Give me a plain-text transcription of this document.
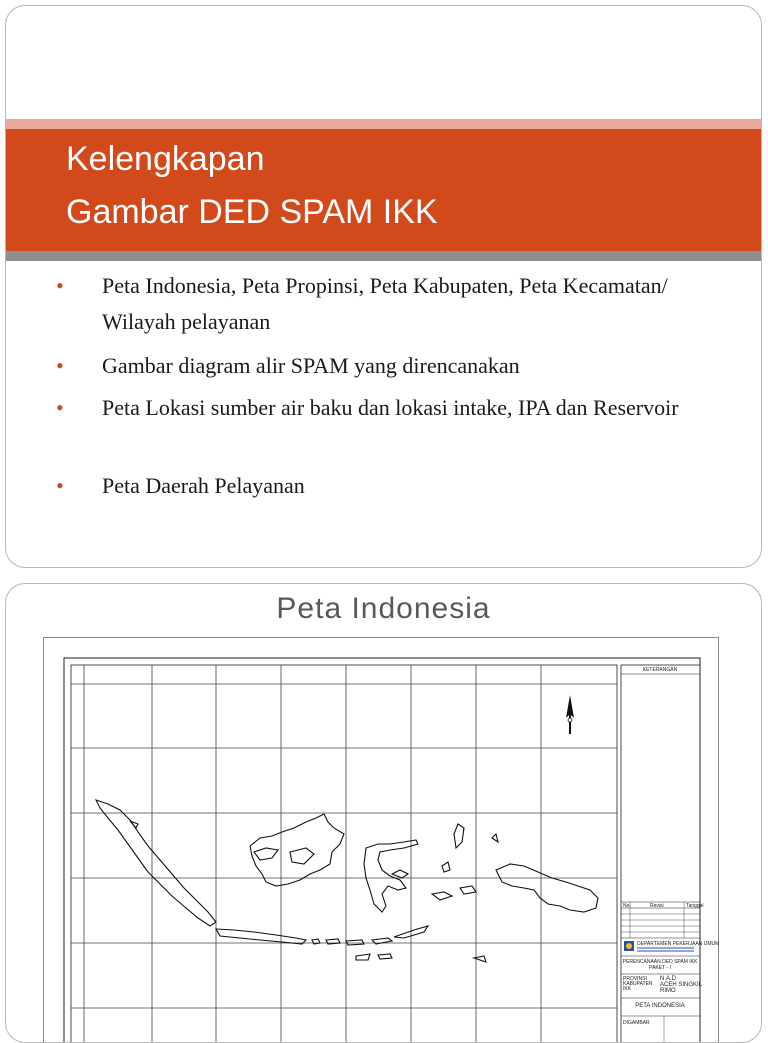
Kelengkapan
Gambar DED SPAM IKK
• Peta Indonesia, Peta Propinsi, Peta Kabupaten, Peta Kecamatan/ Wilayah pelayanan
• Gambar diagram alir SPAM yang direncanakan
• Peta Lokasi sumber air baku dan lokasi intake, IPA dan Reservoir
• Peta Daerah Pelayanan
Peta Indonesia
KETERANGAN
No	Revisi	Tanggal
DEPARTEMEN PEKERJAAN UMUM
PERENCANAAN DED SPAM IKK
PAKET - I
PROVINSI
KABUPATEN
IKK
N.A.D
ACEH SINGKIL
RIMO
PETA INDONESIA
DIGAMBAR
